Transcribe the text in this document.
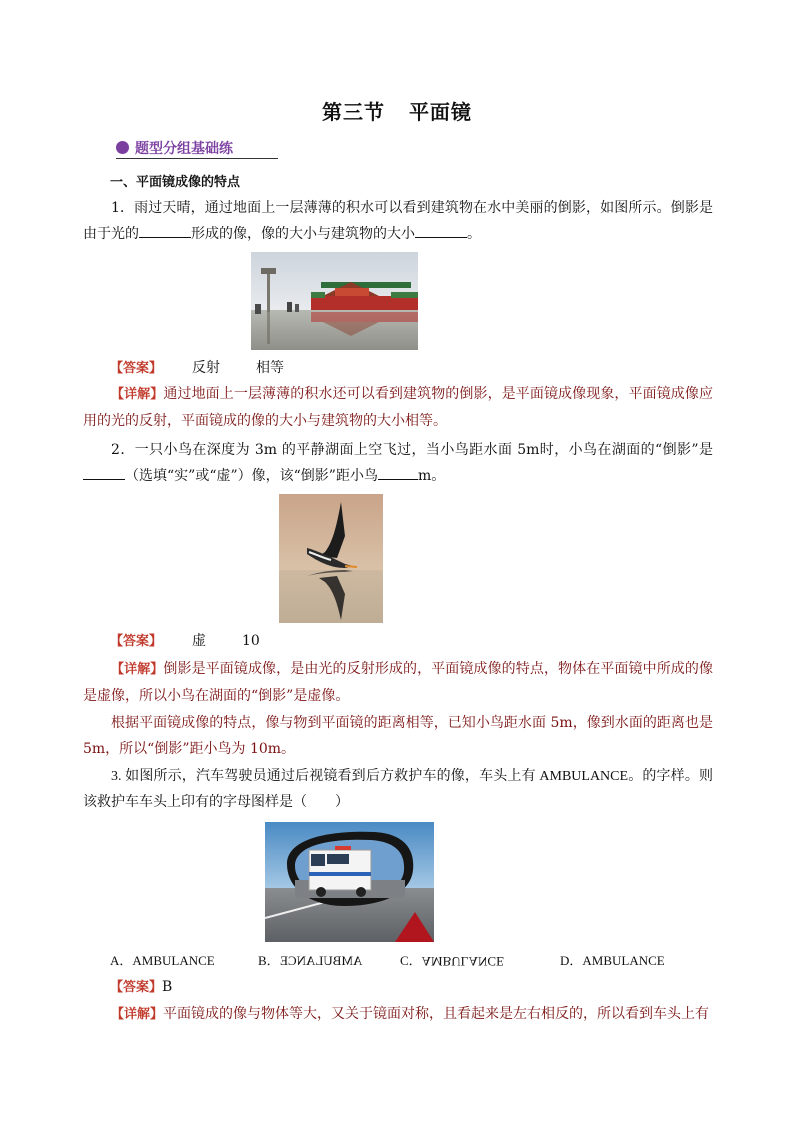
第三节 平面镜
题型分组基础练
一、平面镜成像的特点
1．雨过天晴，通过地面上一层薄薄的积水可以看到建筑物在水中美丽的倒影，如图所示。倒影是由于光的	形成的像，像的大小与建筑物的大小	。
【答案】 反射	相等
【详解】通过地面上一层薄薄的积水还可以看到建筑物的倒影，是平面镜成像现象，平面镜成像应用的光的反射，平面镜成的像的大小与建筑物的大小相等。
2．一只小鸟在深度为 3m 的平静湖面上空飞过，当小鸟距水面 5m时，小鸟在湖面的“倒影”是（选填“实”或“虚”）像，该“倒影”距小鸟	m。
【答案】 虚	10
【详解】倒影是平面镜成像，是由光的反射形成的，平面镜成像的特点，物体在平面镜中所成的像是虚像，所以小鸟在湖面的“倒影”是虚像。
根据平面镜成像的特点，像与物到平面镜的距离相等，已知小鸟距水面 5m，像到水面的距离也是 5m，所以“倒影”距小鸟为 10m。
3. 如图所示，汽车驾驶员通过后视镜看到后方救护车的像，车头上有 AMBULANCE。的字样。则该救护车车头上印有的字母图样是（　　）
A．AMBULANCE	B．AMBULANCE	C．AMBULANCE	D．AMBULANCE
【答案】B
【详解】平面镜成的像与物体等大，又关于镜面对称，且看起来是左右相反的，所以看到车头上有
